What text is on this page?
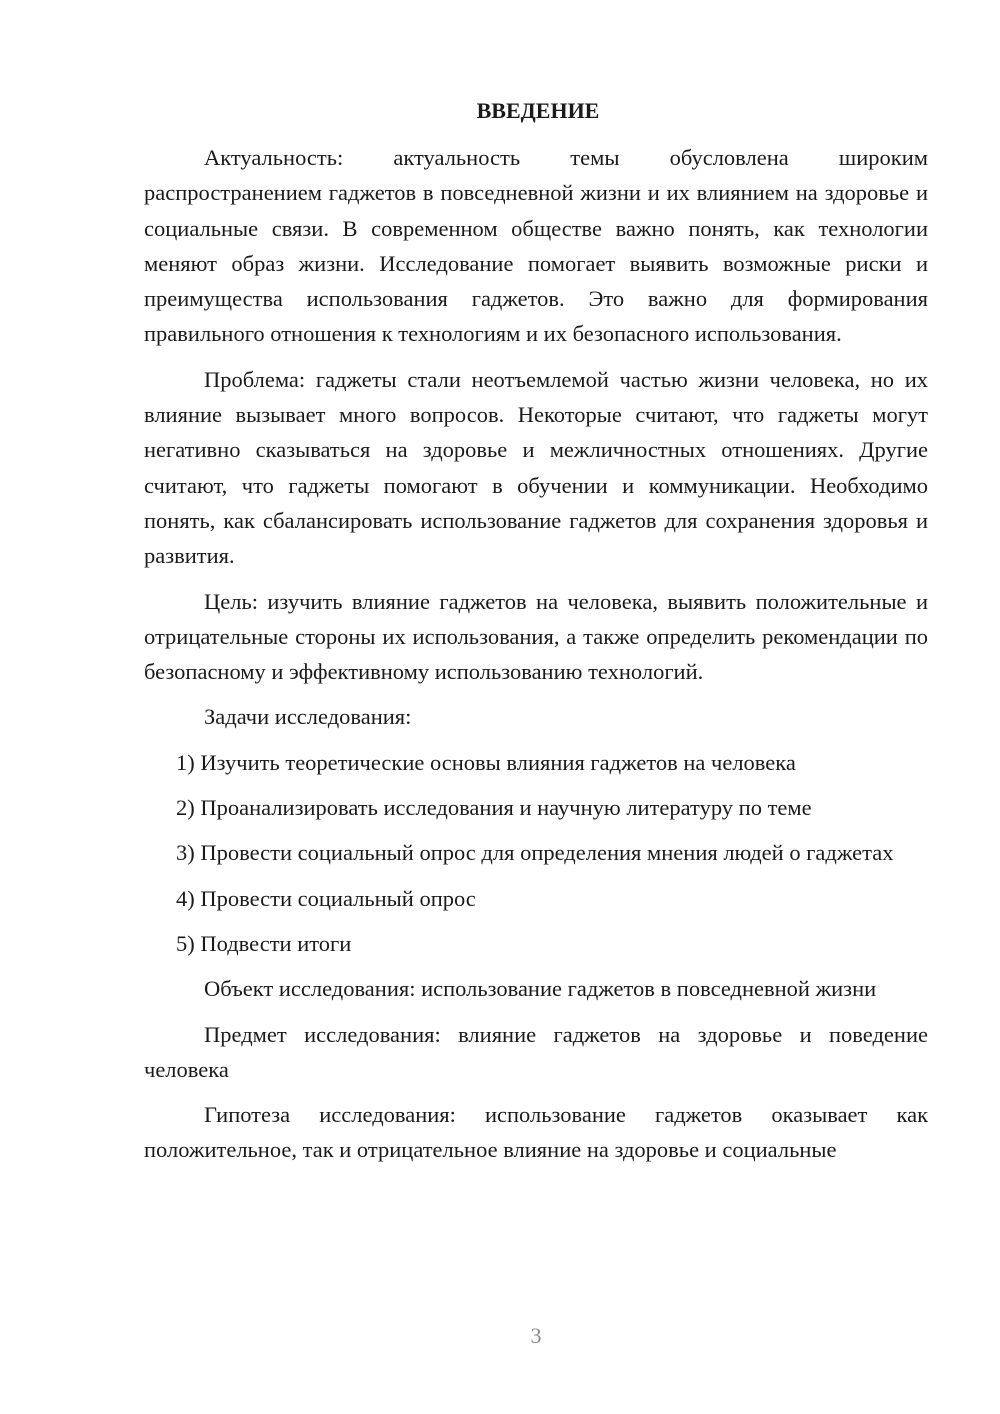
ВВЕДЕНИЕ

Актуальность: актуальность темы обусловлена широким распространением гаджетов в повседневной жизни и их влиянием на здоровье и социальные связи. В современном обществе важно понять, как технологии меняют образ жизни. Исследование помогает выявить возможные риски и преимущества использования гаджетов. Это важно для формирования правильного отношения к технологиям и их безопасного использования.

Проблема: гаджеты стали неотъемлемой частью жизни человека, но их влияние вызывает много вопросов. Некоторые считают, что гаджеты могут негативно сказываться на здоровье и межличностных отношениях. Другие считают, что гаджеты помогают в обучении и коммуникации. Необходимо понять, как сбалансировать использование гаджетов для сохранения здоровья и развития.

Цель: изучить влияние гаджетов на человека, выявить положительные и отрицательные стороны их использования, а также определить рекомендации по безопасному и эффективному использованию технологий.

Задачи исследования:

1) Изучить теоретические основы влияния гаджетов на человека

2) Проанализировать исследования и научную литературу по теме

3) Провести социальный опрос для определения мнения людей о гаджетах

4) Провести социальный опрос

5) Подвести итоги

Объект исследования: использование гаджетов в повседневной жизни

Предмет исследования: влияние гаджетов на здоровье и поведение человека

Гипотеза исследования: использование гаджетов оказывает как положительное, так и отрицательное влияние на здоровье и социальные

3
